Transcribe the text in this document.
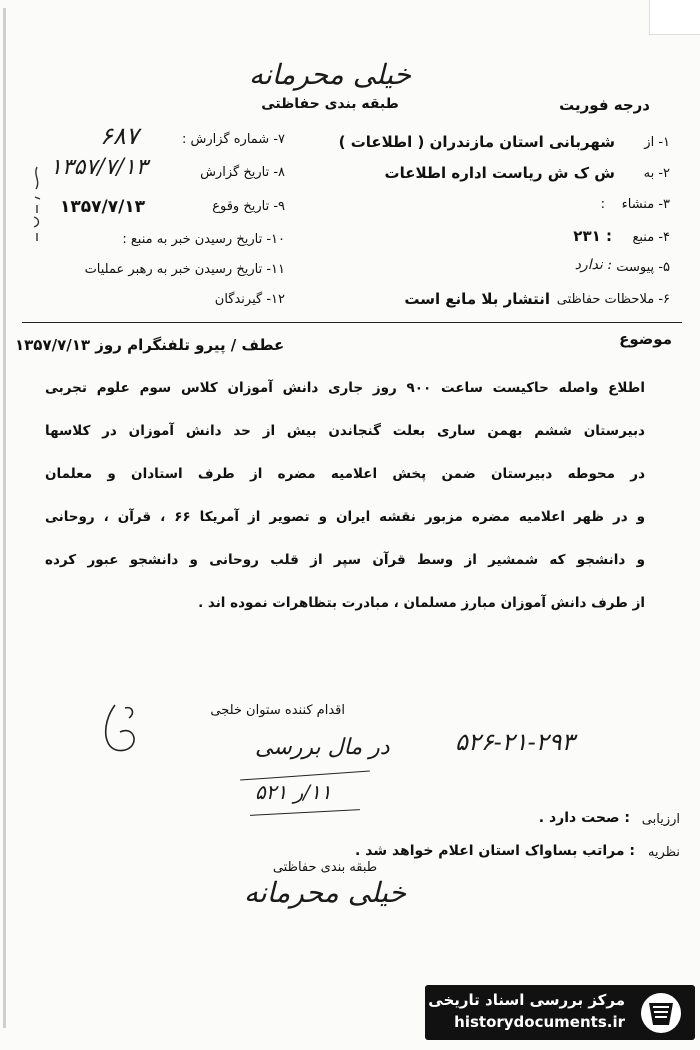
خیلی محرمانه
طبقه بندی حفاظتی	درجه فوریت
۱- از
شهربانی استان مازندران ( اطلاعات )
۲- به
ش ک ش ریاست اداره اطلاعات
۳- منشاء
:
۴- منبع
: ۲۳۱
۵- پیوست
: ندارد
۶- ملاحظات حفاظتی
انتشار بلا مانع است
۷- شماره گزارش :
۶۸۷
۸- تاریخ گزارش
۱۳۵۷/۷/۱۳
۹- تاریخ وقوع
۱۳۵۷/۷/۱۳
۱۰- تاریخ رسیدن خبر به منبع :
۱۱- تاریخ رسیدن خبر به رهبر عملیات
۱۲- گیرندگان
موضوع
عطف / پیرو تلفنگرام روز ۱۳۵۷/۷/۱۳
اطلاع واصله حاکیست ساعت ۹۰۰ روز جاری دانش آموزان کلاس سوم علوم تجربی
دبیرستان ششم بهمن ساری بعلت گنجاندن بیش از حد دانش آموزان در کلاسها
در محوطه دبیرستان ضمن پخش اعلامیه مضره از طرف استادان و معلمان
و در ظهر اعلامیه مضره مزبور نقشه ایران و تصویر از آمریکا ۶۶ ، قرآن ، روحانی
و دانشجو که شمشیر از وسط قرآن سپر از قلب روحانی و دانشجو عبور کرده
از طرف دانش آموزان مبارز مسلمان ، مبادرت بتظاهرات نموده اند .
اقدام کننده ستوان خلجی
۵۲۶-۲۱-۲۹۳
در مال بررسی
۱۱/ر ۵۲۱
ارزیابی
: صحت دارد .
نظریه
: مراتب بساواک استان اعلام خواهد شد .
طبقه بندی حفاظتی
خیلی محرمانه
مرکز بررسی اسناد تاریخی
historydocuments.ir
